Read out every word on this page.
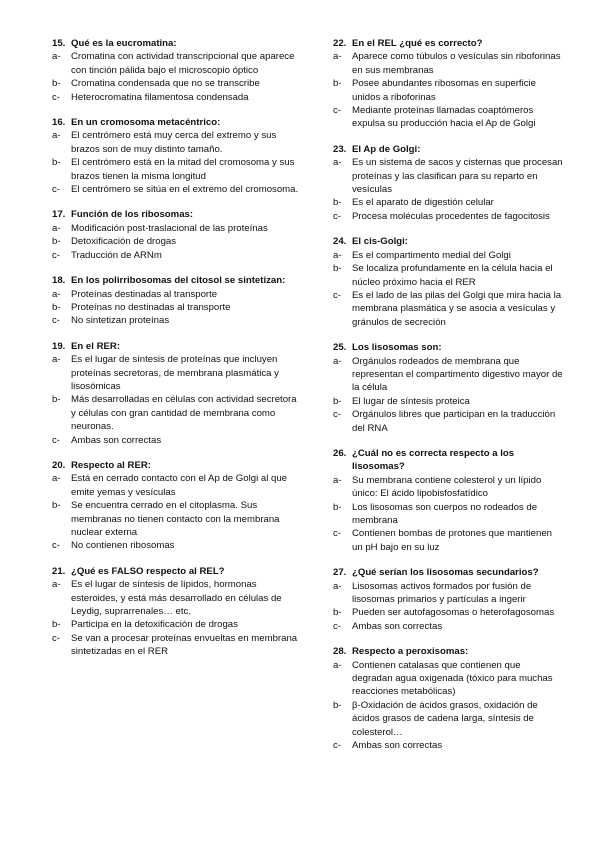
15. Qué es la eucromatina:
a-	Cromatina con actividad transcripcional que aparece con tinción pálida bajo el microscopio óptico
b-	Cromatina condensada que no se transcribe
c-	Heterocromatina filamentosa condensada
16. En un cromosoma metacéntrico:
a-	El centrómero está muy cerca del extremo y sus brazos son de muy distinto tamaño.
b-	El centrómero está en la mitad del cromosoma y sus brazos tienen la misma longitud
c-	El centrómero se sitúa en el extremo del cromosoma.
17. Función de los ribosomas:
a-	Modificación post-traslacional de las proteínas
b-	Detoxificación de drogas
c-	Traducción de ARNm
18. En los polirribosomas del citosol se sintetizan:
a-	Proteínas destinadas al transporte
b-	Proteínas no destinadas al transporte
c-	No sintetizan proteínas
19. En el RER:
a-	Es el lugar de síntesis de proteínas que incluyen proteínas secretoras, de membrana plasmática y lisosómicas
b-	Más desarrolladas en células con actividad secretora y células con gran cantidad de membrana como neuronas.
c-	Ambas son correctas
20. Respecto al RER:
a-	Está en cerrado contacto con el Ap de Golgi al que emite yemas y vesículas
b-	Se encuentra cerrado en el citoplasma. Sus membranas no tienen contacto con la membrana nuclear externa
c-	No contienen ribosomas
21. ¿Qué es FALSO respecto al REL?
a-	Es el lugar de síntesis de lípidos, hormonas esteroides, y está más desarrollado en células de Leydig, suprarrenales… etc.
b-	Participa en la detoxificación de drogas
c-	Se van a procesar proteínas envueltas en membrana sintetizadas en el RER
22. En el REL ¿qué es correcto?
a-	Aparece como túbulos o vesículas sin riboforinas en sus membranas
b-	Posee abundantes ribosomas en superficie unidos a riboforinas
c-	Mediante proteínas llamadas coaptómeros expulsa su producción hacia el Ap de Golgi
23. El Ap de Golgi:
a-	Es un sistema de sacos y cisternas que procesan proteínas y las clasifican para su reparto en vesículas
b-	Es el aparato de digestión celular
c-	Procesa moléculas procedentes de fagocitosis
24. El cis-Golgi:
a-	Es el compartimento medial del Golgi
b-	Se localiza profundamente en la célula hacia el núcleo próximo hacia el RER
c-	Es el lado de las pilas del Golgi que mira hacia la membrana plasmática y se asocia a vesículas y gránulos de secreción
25. Los lisosomas son:
a-	Orgánulos rodeados de membrana que representan el compartimento digestivo mayor de la célula
b-	El lugar de síntesis proteica
c-	Orgánulos libres que participan en la traducción del RNA
26. ¿Cuál no es correcta respecto a los lisosomas?
a-	Su membrana contiene colesterol y un lípido único: El ácido lipobisfosfatídico
b-	Los lisosomas son cuerpos no rodeados de membrana
c-	Contienen bombas de protones que mantienen un pH bajo en su luz
27. ¿Qué serían los lisosomas secundarios?
a-	Lisosomas activos formados por fusión de lisosomas primarios y partículas a ingerir
b-	Pueden ser autofagosomas o heterofagosomas
c-	Ambas son correctas
28. Respecto a peroxisomas:
a-	Contienen catalasas que contienen que degradan agua oxigenada (tóxico para muchas reacciones metabólicas)
b-	β-Oxidación de ácidos grasos, oxidación de ácidos grasos de cadena larga, síntesis de colesterol…
c-	Ambas son correctas
